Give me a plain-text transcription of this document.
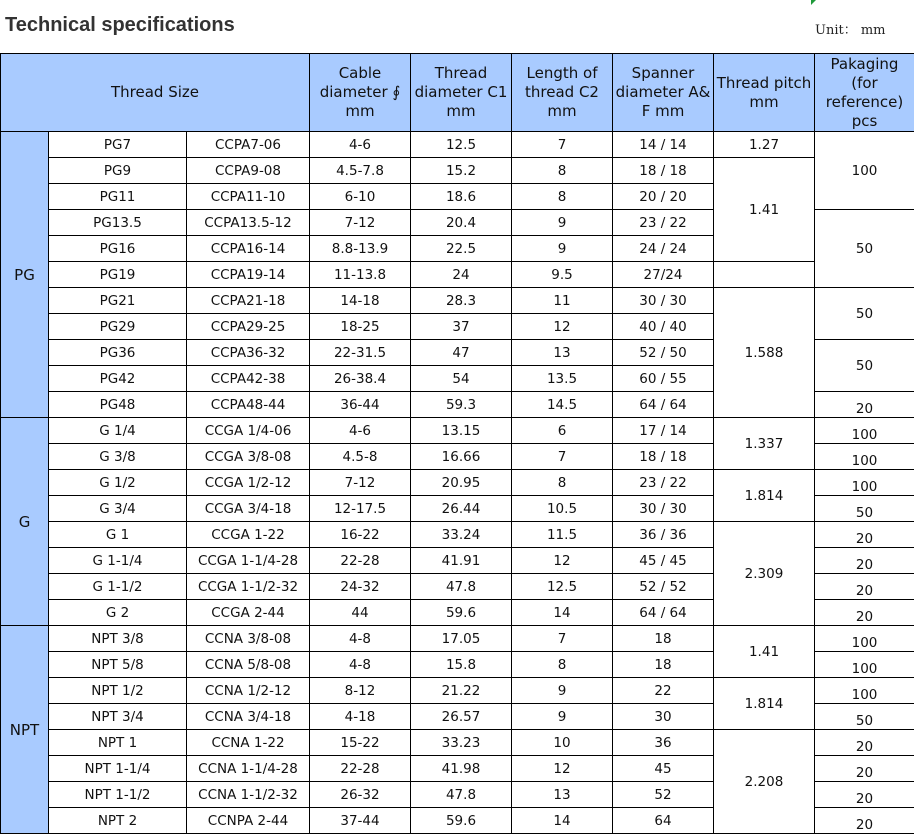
Technical specifications	Unit： mm
Thread Size			Cable diameter ∮ mm	Thread diameter C1 mm	Length of thread C2 mm	Spanner diameter A& F mm	Thread pitch mm	Pakaging (for reference) pcs
PG	PG7	CCPA7-06	4-6	12.5	7	14 / 14	1.27	100
	PG9	CCPA9-08	4.5-7.8	15.2	8	18 / 18	1.41	
	PG11	CCPA11-10	6-10	18.6	8	20 / 20		
	PG13.5	CCPA13.5-12	7-12	20.4	9	23 / 22		50
	PG16	CCPA16-14	8.8-13.9	22.5	9	24 / 24		
	PG19	CCPA19-14	11-13.8	24	9.5	27/24		
	PG21	CCPA21-18	14-18	28.3	11	30 / 30	1.588	50
	PG29	CCPA29-25	18-25	37	12	40 / 40		
	PG36	CCPA36-32	22-31.5	47	13	52 / 50		50
	PG42	CCPA42-38	26-38.4	54	13.5	60 / 55		
	PG48	CCPA48-44	36-44	59.3	14.5	64 / 64		20

G	G 1/4	CCGA 1/4-06	4-6	13.15	6	17 / 14	1.337	100

	G 3/8	CCGA 3/8-08	4.5-8	16.66	7	18 / 18		100

	G 1/2	CCGA 1/2-12	7-12	20.95	8	23 / 22	1.814	100

	G 3/4	CCGA 3/4-18	12-17.5	26.44	10.5	30 / 30		50

	G 1	CCGA 1-22	16-22	33.24	11.5	36 / 36	2.309	20

	G 1-1/4	CCGA 1-1/4-28	22-28	41.91	12	45 / 45		20

	G 1-1/2	CCGA 1-1/2-32	24-32	47.8	12.5	52 / 52		20

	G 2	CCGA 2-44	44	59.6	14	64 / 64		20

NPT	NPT 3/8	CCNA 3/8-08	4-8	17.05	7	18	1.41	100

	NPT 5/8	CCNA 5/8-08	4-8	15.8	8	18		100

	NPT 1/2	CCNA 1/2-12	8-12	21.22	9	22	1.814	100

	NPT 3/4	CCNA 3/4-18	4-18	26.57	9	30		50

	NPT 1	CCNA 1-22	15-22	33.23	10	36	2.208	20

	NPT 1-1/4	CCNA 1-1/4-28	22-28	41.98	12	45		20

	NPT 1-1/2	CCNA 1-1/2-32	26-32	47.8	13	52		20

	NPT 2	CCNPA 2-44	37-44	59.6	14	64		20
